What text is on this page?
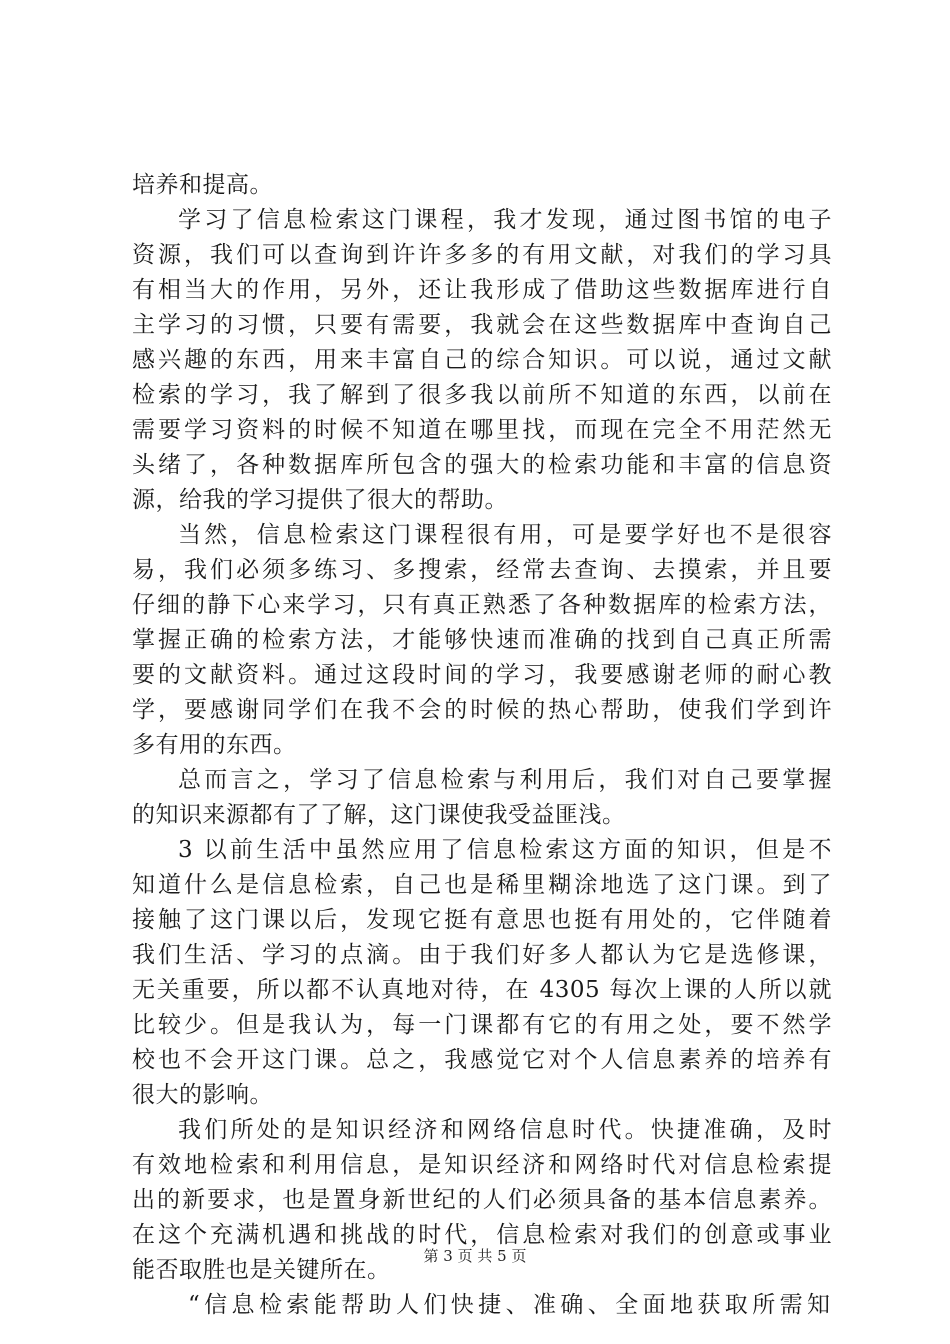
培养和提高。
学习了信息检索这门课程，我才发现，通过图书馆的电子
资源，我们可以查询到许许多多的有用文献，对我们的学习具
有相当大的作用，另外，还让我形成了借助这些数据库进行自
主学习的习惯，只要有需要，我就会在这些数据库中查询自己
感兴趣的东西，用来丰富自己的综合知识。可以说，通过文献
检索的学习，我了解到了很多我以前所不知道的东西，以前在
需要学习资料的时候不知道在哪里找，而现在完全不用茫然无
头绪了，各种数据库所包含的强大的检索功能和丰富的信息资
源，给我的学习提供了很大的帮助。
当然，信息检索这门课程很有用，可是要学好也不是很容
易，我们必须多练习、多搜索，经常去查询、去摸索，并且要
仔细的静下心来学习，只有真正熟悉了各种数据库的检索方法，
掌握正确的检索方法，才能够快速而准确的找到自己真正所需
要的文献资料。通过这段时间的学习，我要感谢老师的耐心教
学，要感谢同学们在我不会的时候的热心帮助，使我们学到许
多有用的东西。
总而言之，学习了信息检索与利用后，我们对自己要掌握
的知识来源都有了了解，这门课使我受益匪浅。
3 以前生活中虽然应用了信息检索这方面的知识，但是不
知道什么是信息检索，自己也是稀里糊涂地选了这门课。到了
接触了这门课以后，发现它挺有意思也挺有用处的，它伴随着
我们生活、学习的点滴。由于我们好多人都认为它是选修课，
无关重要，所以都不认真地对待，在 4305 每次上课的人所以就
比较少。但是我认为，每一门课都有它的有用之处，要不然学
校也不会开这门课。总之，我感觉它对个人信息素养的培养有
很大的影响。
我们所处的是知识经济和网络信息时代。快捷准确，及时
有效地检索和利用信息，是知识经济和网络时代对信息检索提
出的新要求，也是置身新世纪的人们必须具备的基本信息素养。
在这个充满机遇和挑战的时代，信息检索对我们的创意或事业
能否取胜也是关键所在。
“信息检索能帮助人们快捷、准确、全面地获取所需知
第 3 页 共 5 页
